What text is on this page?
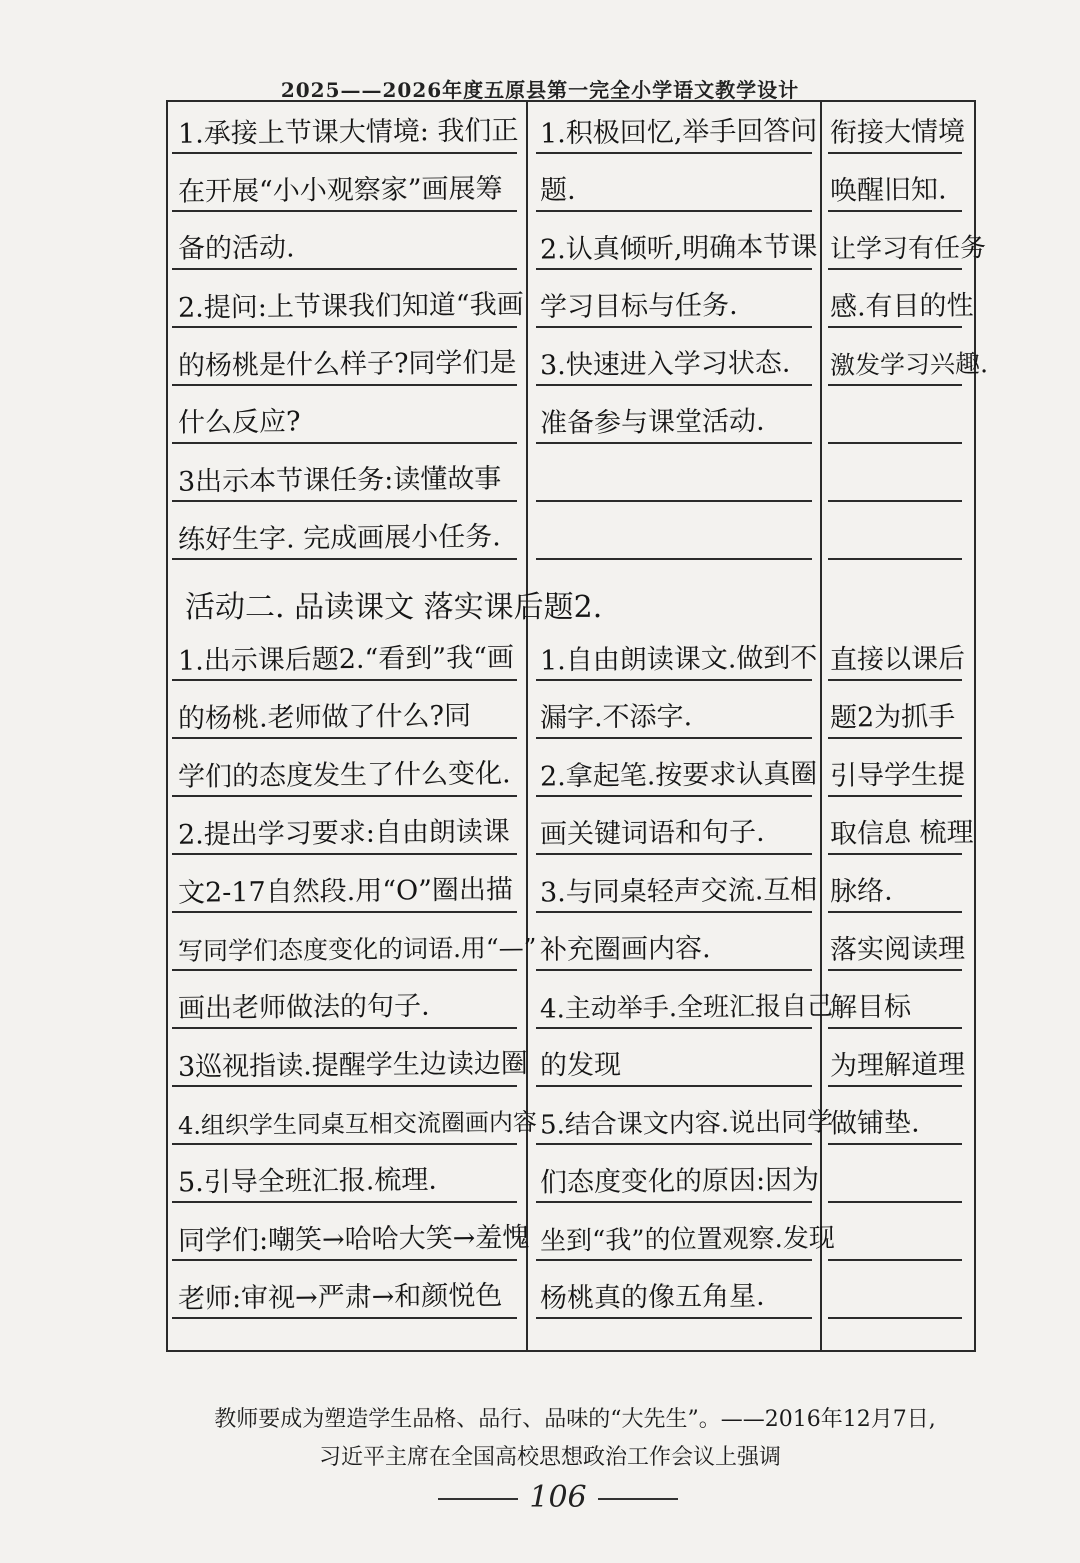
2025——2026年度五原县第一完全小学语文教学设计
1.承接上节课大情境: 我们正
在开展“小小观察家”画展筹
备的活动.
2.提问:上节课我们知道“我画
的杨桃是什么样子?同学们是
什么反应?
3出示本节课任务:读懂故事
练好生字. 完成画展小任务.
1.积极回忆,举手回答问
题.
2.认真倾听,明确本节课
学习目标与任务.
3.快速进入学习状态.
准备参与课堂活动.
衔接大情境
唤醒旧知.
让学习有任务
感.有目的性
激发学习兴趣.
1.出示课后题2.“看到”我“画
的杨桃.老师做了什么?同
学们的态度发生了什么变化.
2.提出学习要求:自由朗读课
文2-17自然段.用“O”圈出描
写同学们态度变化的词语.用“—”
画出老师做法的句子.
3巡视指读.提醒学生边读边圈
4.组织学生同桌互相交流圈画内容
5.引导全班汇报.梳理.
同学们:嘲笑→哈哈大笑→羞愧
老师:审视→严肃→和颜悦色
1.自由朗读课文.做到不
漏字.不添字.
2.拿起笔.按要求认真圈
画关键词语和句子.
3.与同桌轻声交流.互相
补充圈画内容.
4.主动举手.全班汇报自己
的发现
5.结合课文内容.说出同学
们态度变化的原因:因为
坐到“我”的位置观察.发现
杨桃真的像五角星.
直接以课后
题2为抓手
引导学生提
取信息 梳理
脉络.
落实阅读理
解目标
为理解道理
做铺垫.
活动二. 品读课文 落实课后题2.
教师要成为塑造学生品格、品行、品味的“大先生”。——2016年12月7日,
习近平主席在全国高校思想政治工作会议上强调
106
